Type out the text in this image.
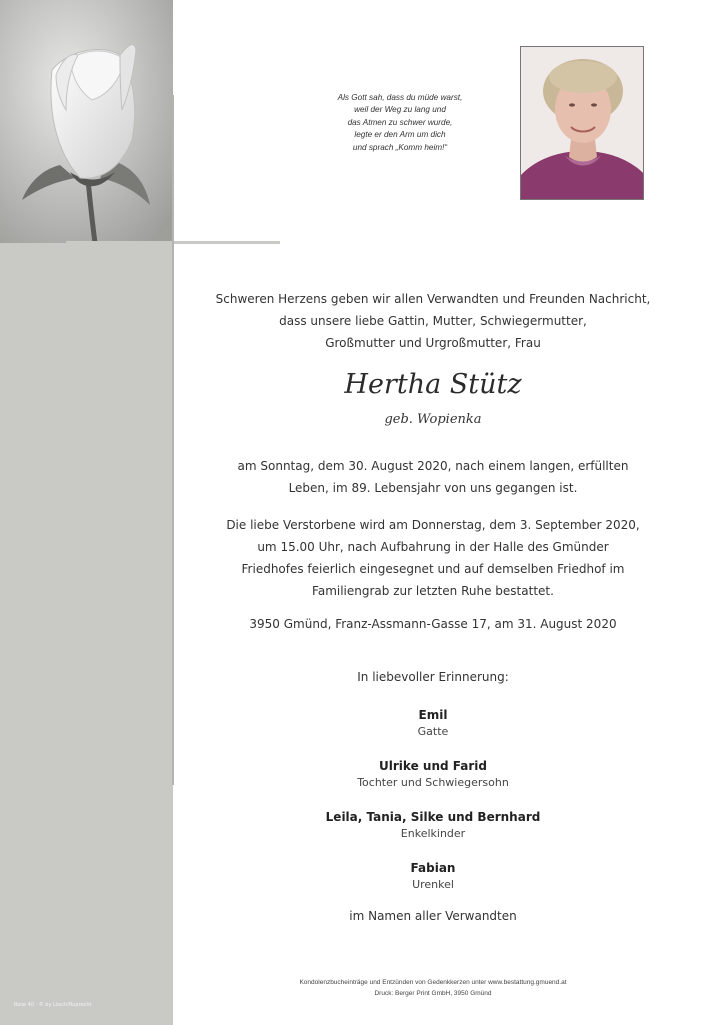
Rose 40 · © by Lösch/Ruprecht
Als Gott sah, dass du müde warst,
weil der Weg zu lang und
das Atmen zu schwer wurde,
legte er den Arm um dich
und sprach „Komm heim!“
Schweren Herzens geben wir allen Verwandten und Freunden Nachricht,
dass unsere liebe Gattin, Mutter, Schwiegermutter,
Großmutter und Urgroßmutter, Frau
Hertha Stütz
geb. Wopienka
am Sonntag, dem 30. August 2020, nach einem langen, erfüllten
Leben, im 89. Lebensjahr von uns gegangen ist.
Die liebe Verstorbene wird am Donnerstag, dem 3. September 2020,
um 15.00 Uhr, nach Aufbahrung in der Halle des Gmünder
Friedhofes feierlich eingesegnet und auf demselben Friedhof im
Familiengrab zur letzten Ruhe bestattet.
3950 Gmünd, Franz-Assmann-Gasse 17, am 31. August 2020
In liebevoller Erinnerung:
Emil
Gatte
Ulrike und Farid
Tochter und Schwiegersohn
Leila, Tania, Silke und Bernhard
Enkelkinder
Fabian
Urenkel
im Namen aller Verwandten
Kondolenzbucheinträge und Entzünden von Gedenkkerzen unter www.bestattung.gmuend.at
Druck: Berger Print GmbH, 3950 Gmünd
